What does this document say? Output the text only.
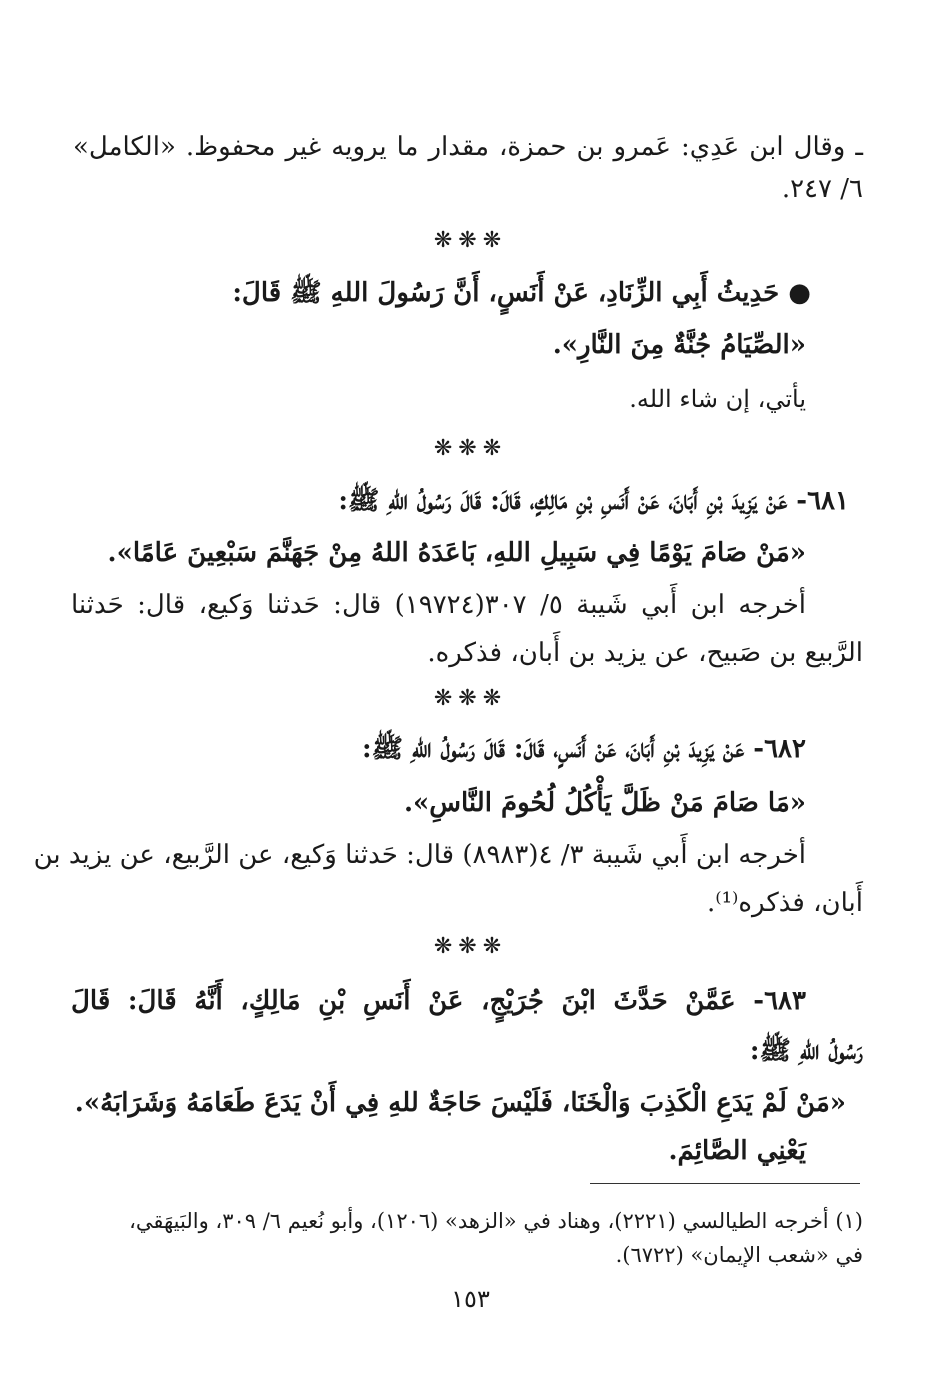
ـ وقال ابن عَدِي: عَمرو بن حمزة، مقدار ما يرويه غير محفوظ. «الكامل»
٦/ ٢٤٧.
❋❋❋
● حَدِيثُ أَبِي الزِّنَادِ، عَنْ أَنَسٍ، أَنَّ رَسُولَ اللهِ ﷺ قَالَ:
«الصِّيَامُ جُنَّةٌ مِنَ النَّارِ».
يأتي، إن شاء الله.
❋❋❋
٦٨١- عَنْ يَزِيدَ بْنِ أَبَانَ، عَنْ أَنَسِ بْنِ مَالِكٍ، قَالَ: قَالَ رَسُولُ اللهِ ﷺ:
«مَنْ صَامَ يَوْمًا فِي سَبِيلِ اللهِ، بَاعَدَهُ اللهُ مِنْ جَهَنَّمَ سَبْعِينَ عَامًا».
أخرجه ابن أَبي شَيبة ٥/ ٣٠٧(١٩٧٢٤) قال: حَدثنا وَكيع، قال: حَدثنا
الرَّبيع بن صَبيح، عن يزيد بن أَبان، فذكره.
❋❋❋
٦٨٢- عَنْ يَزِيدَ بْنِ أَبَانَ، عَنْ أَنَسٍ، قَالَ: قَالَ رَسُولُ اللهِ ﷺ:
«مَا صَامَ مَنْ ظَلَّ يَأْكُلُ لُحُومَ النَّاسِ».
أخرجه ابن أَبي شَيبة ٣/ ٤(٨٩٨٣) قال: حَدثنا وَكيع، عن الرَّبيع، عن يزيد بن
أَبان، فذكره⁽¹⁾.
❋❋❋
٦٨٣- عَمَّنْ حَدَّثَ ابْنَ جُرَيْجٍ، عَنْ أَنَسِ بْنِ مَالِكٍ، أَنَّهُ قَالَ: قَالَ
رَسُولُ اللهِ ﷺ:
«مَنْ لَمْ يَدَعِ الْكَذِبَ وَالْخَنَا، فَلَيْسَ حَاجَةٌ للهِ فِي أَنْ يَدَعَ طَعَامَهُ وَشَرَابَهُ».
يَعْنِي الصَّائِمَ.
(١) أخرجه الطيالسي (٢٢٢١)، وهناد في «الزهد» (١٢٠٦)، وأبو نُعيم ٦/ ٣٠٩، والبَيهَقي،
في «شعب الإيمان» (٦٧٢٢).
١٥٣
